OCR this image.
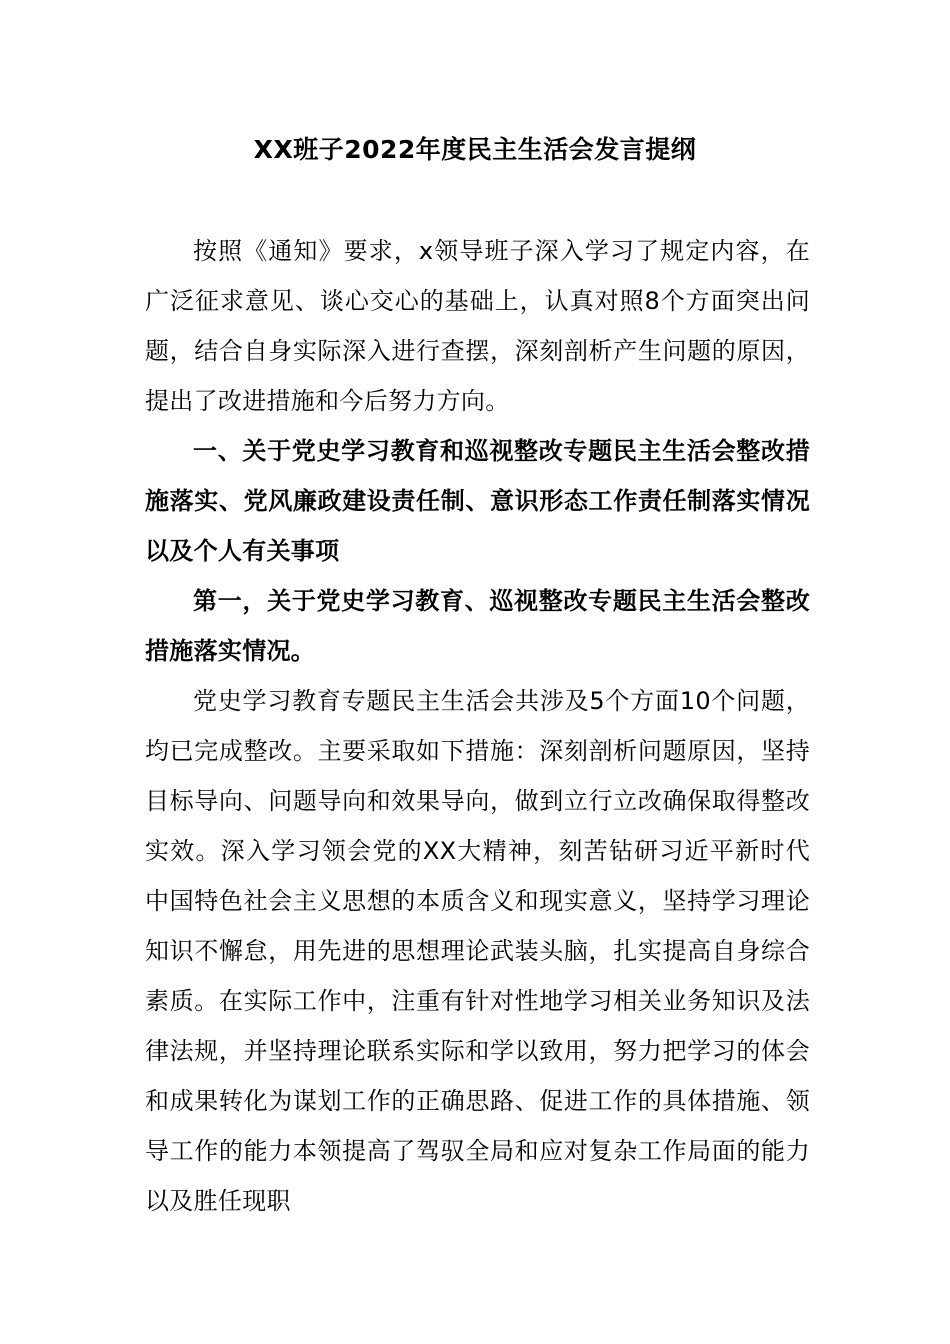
XX班子2022年度民主生活会发言提纲

按照《通知》要求，x领导班子深入学习了规定内容，在广泛征求意见、谈心交心的基础上，认真对照8个方面突出问题，结合自身实际深入进行查摆，深刻剖析产生问题的原因，提出了改进措施和今后努力方向。

一、关于党史学习教育和巡视整改专题民主生活会整改措施落实、党风廉政建设责任制、意识形态工作责任制落实情况以及个人有关事项

第一，关于党史学习教育、巡视整改专题民主生活会整改措施落实情况。

党史学习教育专题民主生活会共涉及5个方面10个问题，均已完成整改。主要采取如下措施：深刻剖析问题原因，坚持目标导向、问题导向和效果导向，做到立行立改确保取得整改实效。深入学习领会党的XX大精神，刻苦钻研习近平新时代中国特色社会主义思想的本质含义和现实意义，坚持学习理论知识不懈怠，用先进的思想理论武装头脑，扎实提高自身综合素质。在实际工作中，注重有针对性地学习相关业务知识及法律法规，并坚持理论联系实际和学以致用，努力把学习的体会和成果转化为谋划工作的正确思路、促进工作的具体措施、领导工作的能力本领提高了驾驭全局和应对复杂工作局面的能力以及胜任现职
